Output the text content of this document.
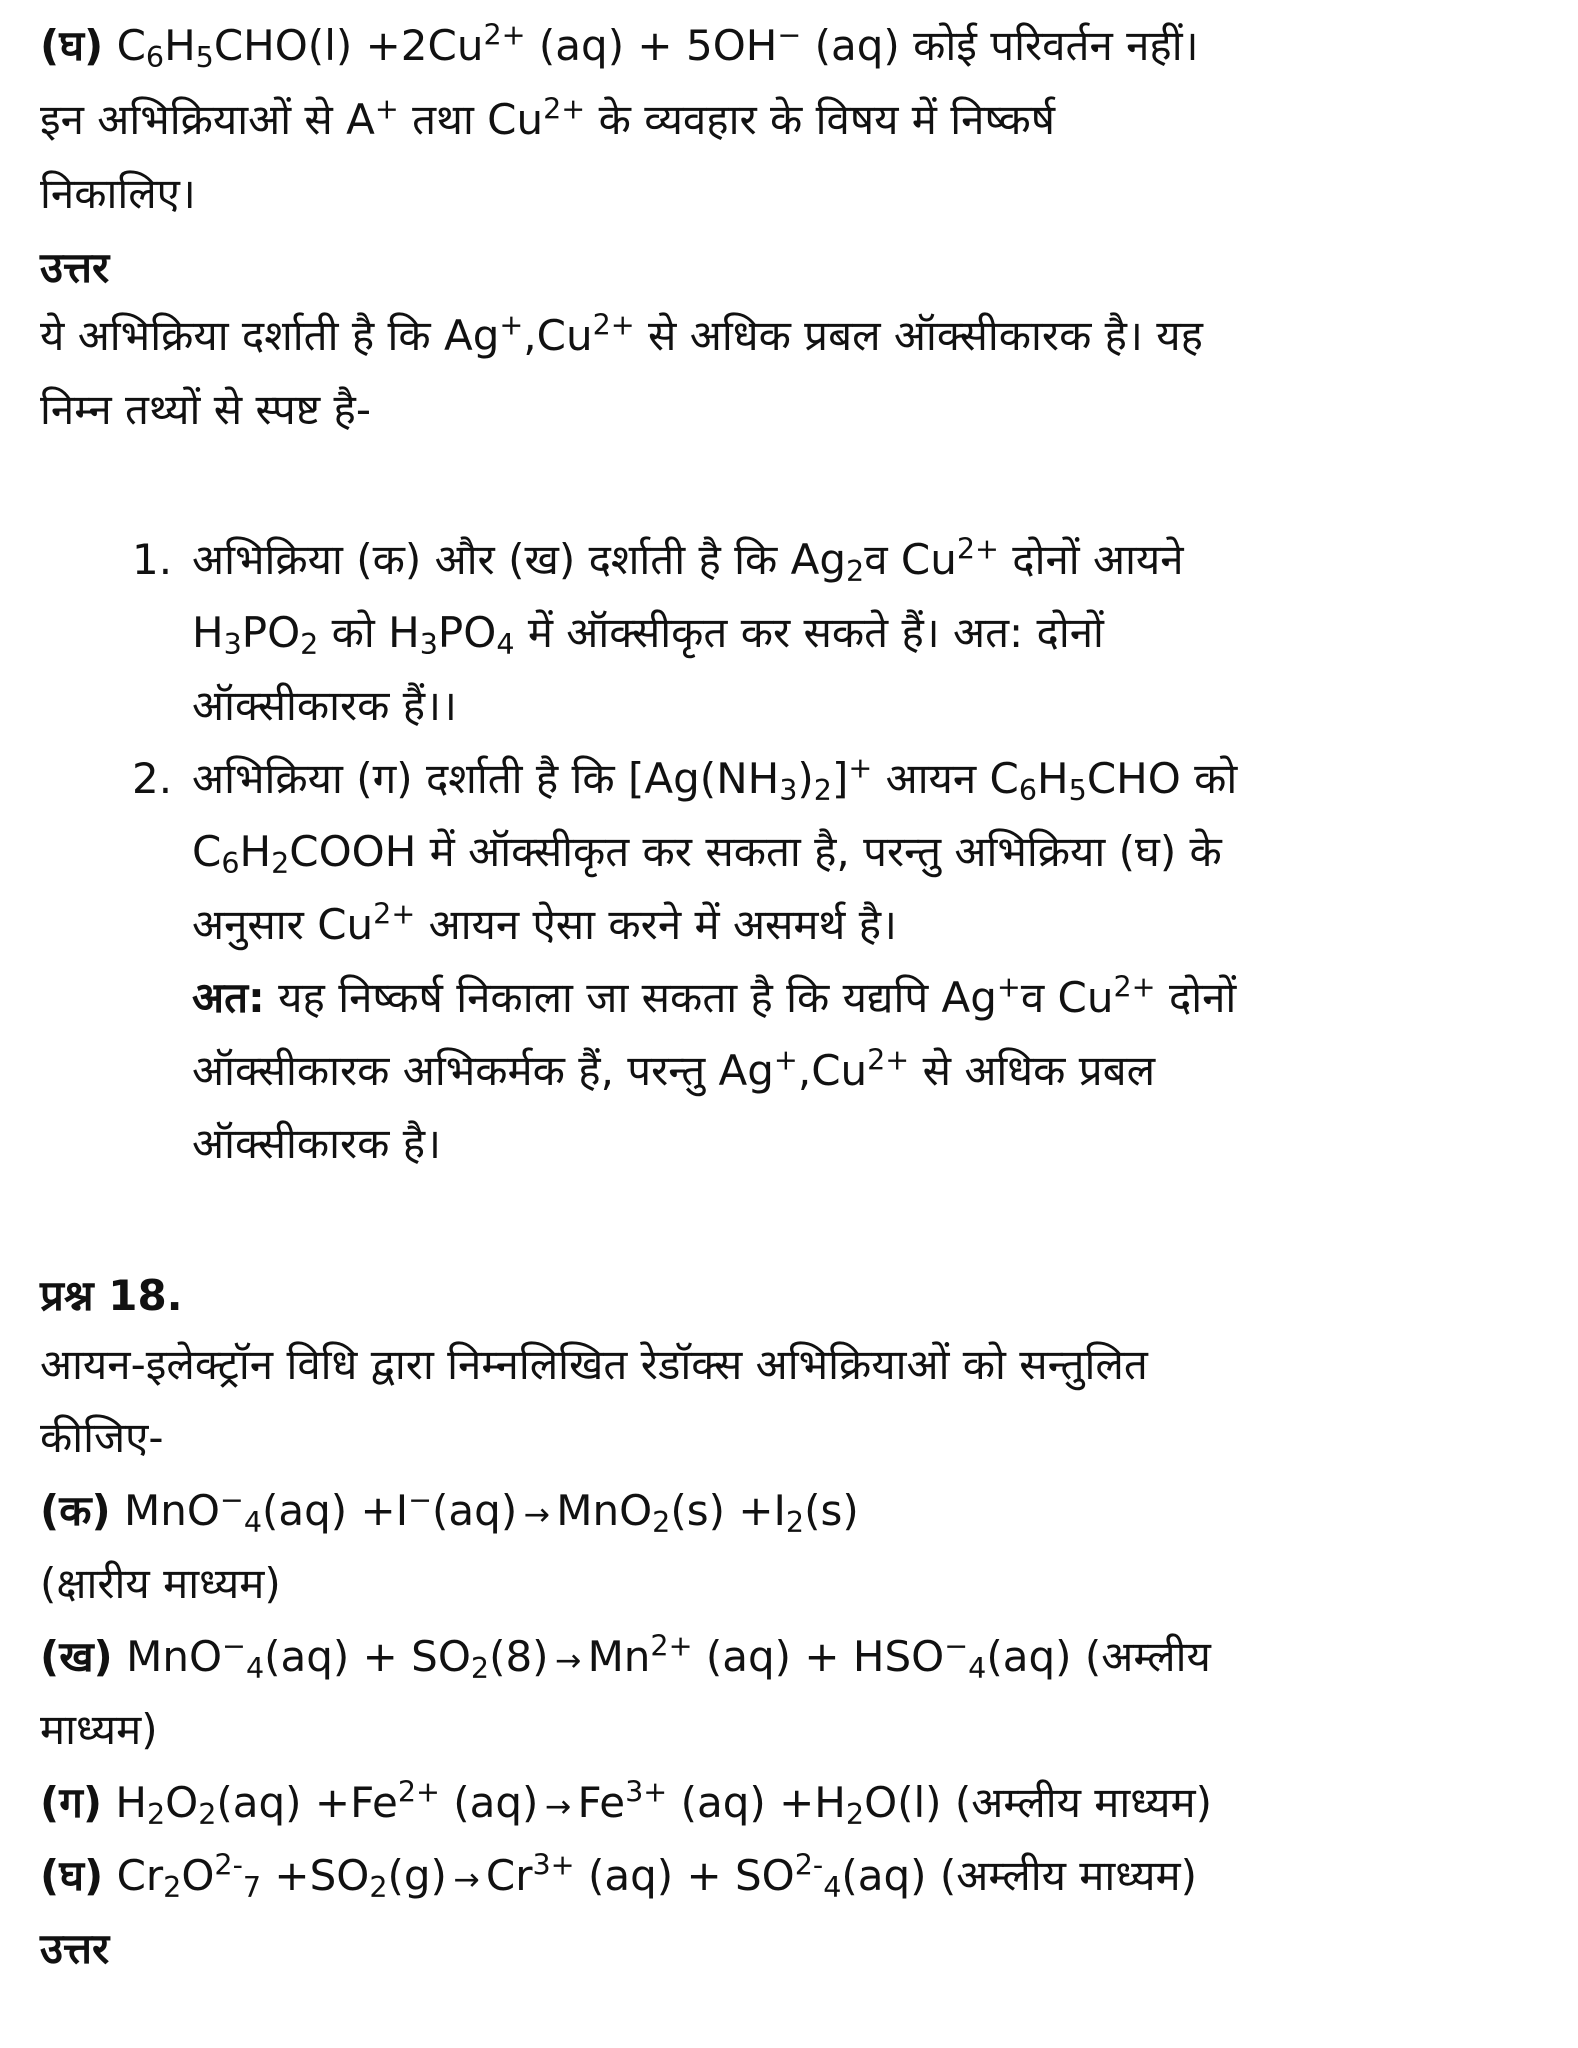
(घ) $C_6H_5CHO(l) +2Cu^{2+}$ (aq) + 5OH− (aq) कोई परिवर्तन नहीं।
इन अभिक्रियाओं से A+ तथा $Cu^{2+}$ के व्यवहार के विषय में निष्कर्ष
निकालिए।
उत्तर
ये अभिक्रिया दर्शाती है कि $Ag^+,Cu^{2+}$ से अधिक प्रबल ऑक्सीकारक है। यह
निम्न तथ्यों से स्पष्ट है-
1. अभिक्रिया (क) और (ख) दर्शाती है कि $Ag_2व$ $Cu^{2+}$ दोनों आयने
$H_3PO_2$ को $H_3PO_4$ में ऑक्सीकृत कर सकते हैं। अत: दोनों
ऑक्सीकारक हैं।।
2. अभिक्रिया (ग) दर्शाती है कि $[Ag(NH_3)_2]^+$ आयन $C_6H_5CHO$ को
$C_6H_2COOH$ में ऑक्सीकृत कर सकता है, परन्तु अभिक्रिया (घ) के
अनुसार $Cu^{2+}$ आयन ऐसा करने में असमर्थ है।
अत: यह निष्कर्ष निकाला जा सकता है कि यद्यपि Ag+व $Cu^{2+}$ दोनों
ऑक्सीकारक अभिकर्मक हैं, परन्तु $Ag^+,Cu^{2+}$ से अधिक प्रबल
ऑक्सीकारक है।
प्रश्न 18.
आयन-इलेक्ट्रॉन विधि द्वारा निम्नलिखित रेडॉक्स अभिक्रियाओं को सन्तुलित
कीजिए-
(क) $MnO^-_4(aq) +I^-(aq) \to MnO_2(s) +I_2(s)$
(क्षारीय माध्यम)
(ख) $MnO^-_4(aq) + SO_2(8) \to Mn^{2+}$ $(aq) + HSO^-_4(aq)$ (अम्लीय
माध्यम)
(ग) $H_2O_2(aq) +Fe^{2+}$ $(aq) \to Fe^{3+}$ $(aq) +H_2O(l)$ (अम्लीय माध्यम)
(घ) $Cr_2O^{2-}_7 +SO_2(g) \to Cr^{3+}$ $(aq) + SO^{2-}_4(aq)$ (अम्लीय माध्यम)
उत्तर
